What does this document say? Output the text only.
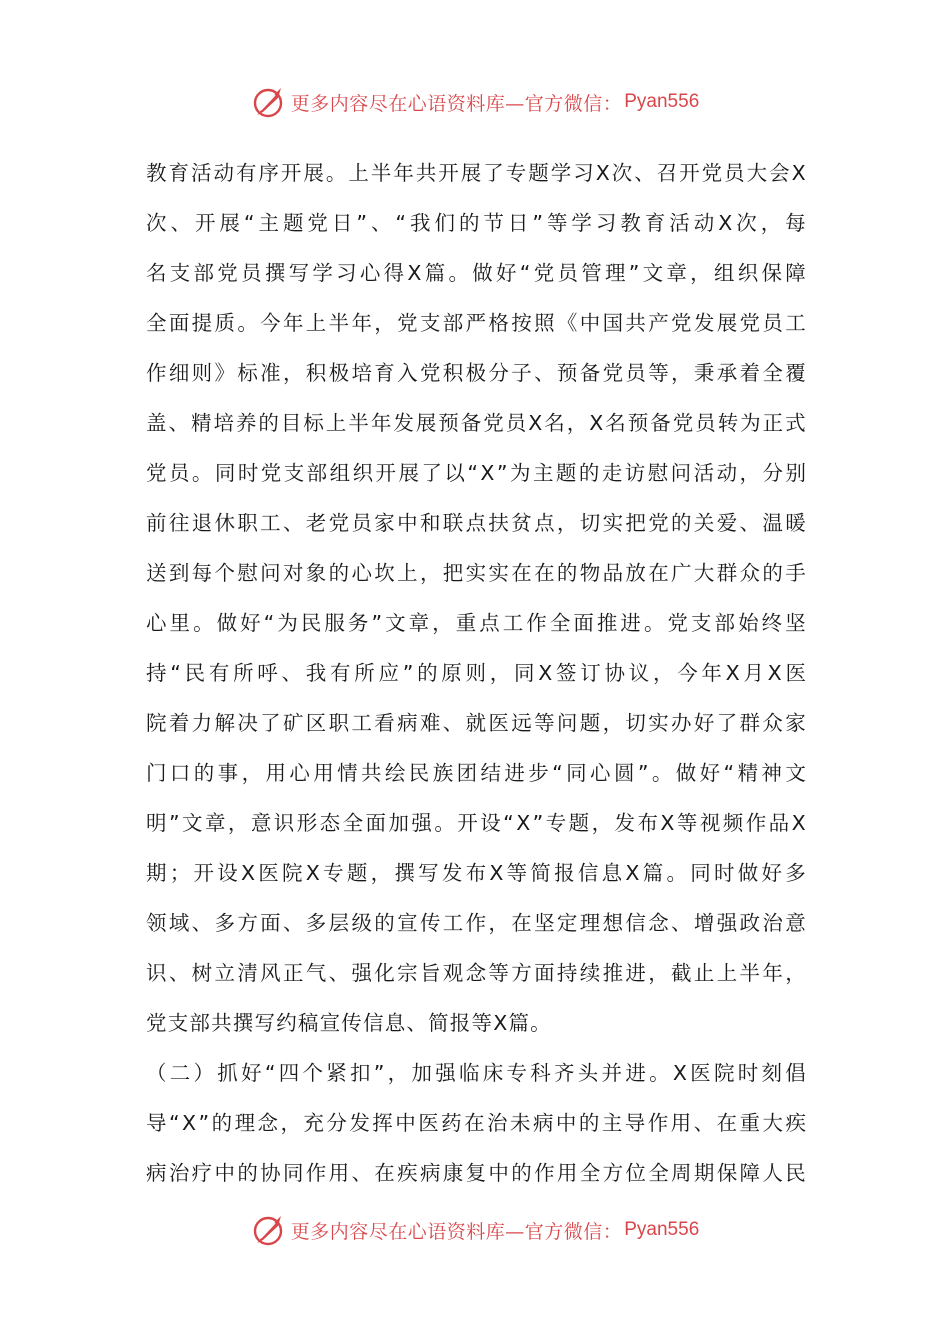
更多内容尽在心语资料库—官方微信： Pyan556
教 育 活 动 有 序 开 展 。 上 半 年 共 开 展 了 专 题 学 习 X 次 、 召 开 党 员 大 会 X
次 、 开 展 “ 主 题 党 日 ” 、 “ 我 们 的 节 日 ” 等 学 习 教 育 活 动 X 次 ， 每
名 支 部 党 员 撰 写 学 习 心 得 X 篇 。 做 好 “ 党 员 管 理 ” 文 章 ， 组 织 保 障
全 面 提 质 。 今 年 上 半 年 ， 党 支 部 严 格 按 照 《 中 国 共 产 党 发 展 党 员 工
作 细 则 》 标 准 ， 积 极 培 育 入 党 积 极 分 子 、 预 备 党 员 等 ， 秉 承 着 全 覆
盖 、 精 培 养 的 目 标 上 半 年 发 展 预 备 党 员 X 名 ， X 名 预 备 党 员 转 为 正 式
党 员 。 同 时 党 支 部 组 织 开 展 了 以 “ X ” 为 主 题 的 走 访 慰 问 活 动 ， 分 别
前 往 退 休 职 工 、 老 党 员 家 中 和 联 点 扶 贫 点 ， 切 实 把 党 的 关 爱 、 温 暖
送 到 每 个 慰 问 对 象 的 心 坎 上 ， 把 实 实 在 在 的 物 品 放 在 广 大 群 众 的 手
心 里 。 做 好 “ 为 民 服 务 ” 文 章 ， 重 点 工 作 全 面 推 进 。 党 支 部 始 终 坚
持 “ 民 有 所 呼 、 我 有 所 应 ” 的 原 则 ， 同 X 签 订 协 议 ， 今 年 X 月 X 医
院 着 力 解 决 了 矿 区 职 工 看 病 难 、 就 医 远 等 问 题 ， 切 实 办 好 了 群 众 家
门 口 的 事 ， 用 心 用 情 共 绘 民 族 团 结 进 步 “ 同 心 圆 ” 。 做 好 “ 精 神 文
明 ” 文 章 ， 意 识 形 态 全 面 加 强 。 开 设 “ X ” 专 题 ， 发 布 X 等 视 频 作 品 X
期 ； 开 设 X 医 院 X 专 题 ， 撰 写 发 布 X 等 简 报 信 息 X 篇 。 同 时 做 好 多
领 域 、 多 方 面 、 多 层 级 的 宣 传 工 作 ， 在 坚 定 理 想 信 念 、 增 强 政 治 意
识 、 树 立 清 风 正 气 、 强 化 宗 旨 观 念 等 方 面 持 续 推 进 ， 截 止 上 半 年 ，
党支部共撰写约稿宣传信息、简报等X篇。
（ 二 ） 抓 好 “ 四 个 紧 扣 ” ， 加 强 临 床 专 科 齐 头 并 进 。 X 医 院 时 刻 倡
导 “ X ” 的 理 念 ， 充 分 发 挥 中 医 药 在 治 未 病 中 的 主 导 作 用 、 在 重 大 疾
病 治 疗 中 的 协 同 作 用 、 在 疾 病 康 复 中 的 作 用 全 方 位 全 周 期 保 障 人 民
更多内容尽在心语资料库—官方微信： Pyan556
